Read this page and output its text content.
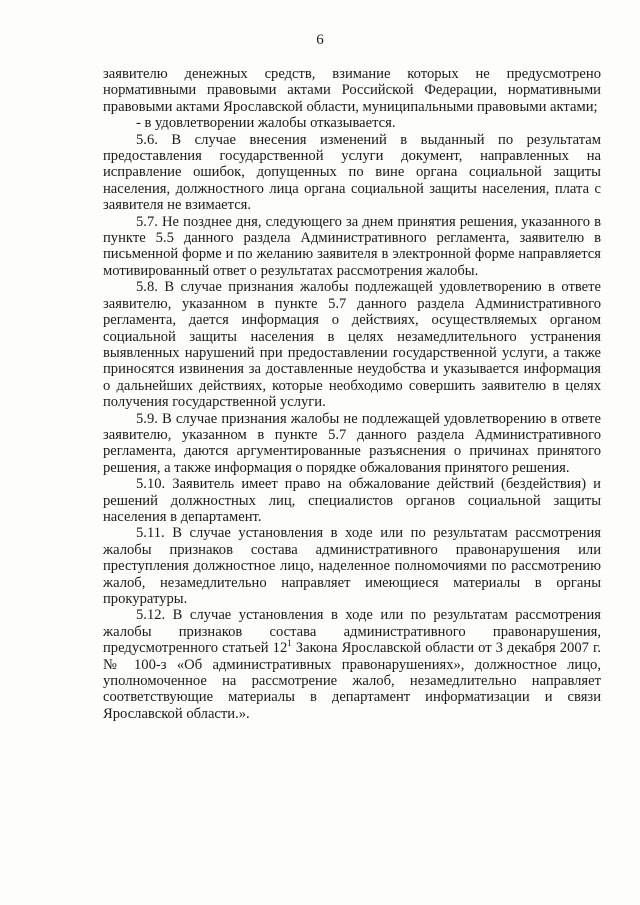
6

заявителю денежных средств, взимание которых не предусмотрено нормативными правовыми актами Российской Федерации, нормативными правовыми актами Ярославской области, муниципальными правовыми актами;

- в удовлетворении жалобы отказывается.

5.6. В случае внесения изменений в выданный по результатам предоставления государственной услуги документ, направленных на исправление ошибок, допущенных по вине органа социальной защиты населения, должностного лица органа социальной защиты населения, плата с заявителя не взимается.

5.7. Не позднее дня, следующего за днем принятия решения, указанного в пункте 5.5 данного раздела Административного регламента, заявителю в письменной форме и по желанию заявителя в электронной форме направляется мотивированный ответ о результатах рассмотрения жалобы.

5.8. В случае признания жалобы подлежащей удовлетворению в ответе заявителю, указанном в пункте 5.7 данного раздела Административного регламента, дается информация о действиях, осуществляемых органом социальной защиты населения в целях незамедлительного устранения выявленных нарушений при предоставлении государственной услуги, а также приносятся извинения за доставленные неудобства и указывается информация о дальнейших действиях, которые необходимо совершить заявителю в целях получения государственной услуги.

5.9. В случае признания жалобы не подлежащей удовлетворению в ответе заявителю, указанном в пункте 5.7 данного раздела Административного регламента, даются аргументированные разъяснения о причинах принятого решения, а также информация о порядке обжалования принятого решения.

5.10. Заявитель имеет право на обжалование действий (бездействия) и решений должностных лиц, специалистов органов социальной защиты населения в департамент.

5.11. В случае установления в ходе или по результатам рассмотрения жалобы признаков состава административного правонарушения или преступления должностное лицо, наделенное полномочиями по рассмотрению жалоб, незамедлительно направляет имеющиеся материалы в органы прокуратуры.

5.12. В случае установления в ходе или по результатам рассмотрения жалобы признаков состава административного правонарушения, предусмотренного статьей $12^1$ Закона Ярославской области от 3 декабря 2007 г. № 100-з «Об административных правонарушениях», должностное лицо, уполномоченное на рассмотрение жалоб, незамедлительно направляет соответствующие материалы в департамент информатизации и связи Ярославской области.».
